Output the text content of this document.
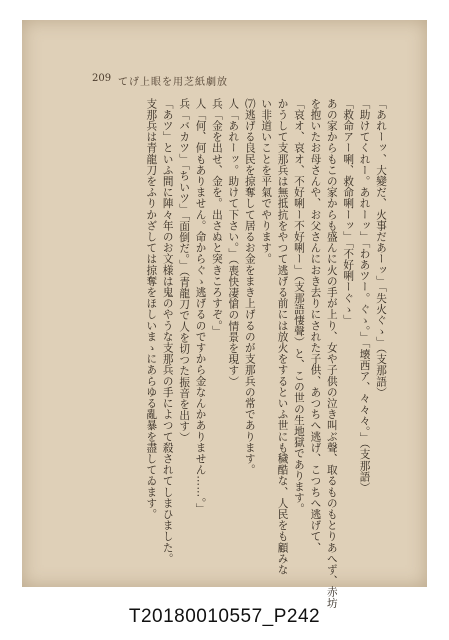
209 てげ上眼を用芝紙劇放

「あれーッ、大變だ、火事だあーッ」「失火ぐゝ」（支那語）

「助けてくれー。あれーッ」「わあツー。ぐゝ。」「壊西ア、々々々。」（支那語）

「救命アー唎、救命唎ーッ」「不好唎ーぐゝ」

あの家からもこの家からも盛んに火の手が上り、女や子供の泣き叫ぶ聲、取るものもとりあへず、赤坊

を抱いたお母さんや、お父さんにおき去りにされた子供、あつちへ逃げ、こつちへ逃げて、

「哀オ、哀オ、不好唎ー不好唎ー」（支那語悽聲）と、この世の生地獄であります。

かうして支那兵は無抵抗をやつて逃げる前には放火をするといふ世にも穢酷な、人民をも顧みな

い非道いことを平氣でやります。

⑺逃げる良民を掠奪して居るお金をまき上げるのが支那兵の常であります。

人「あれーッ。助けて下さい。」（喪快凄愴の情景を現す）

兵「金を出せ、金を。出さぬと突きころすぞ。」

人「何、何もありません。命からぐゝ逃げるのですから金なんかありません……。」

兵「バカツ」「ちいツ」「面倒だ。」（青龍刀で人を切つた振音を出す）

「あツ」といふ間に陣々年のお文様は鬼のやうな支那兵の手によつて殺されてしまひました。

支那兵は青龍刀をふりかざしては掠奪をほしいまゝにあらゆる亂暴を盡してゐます。

T20180010557_P242
